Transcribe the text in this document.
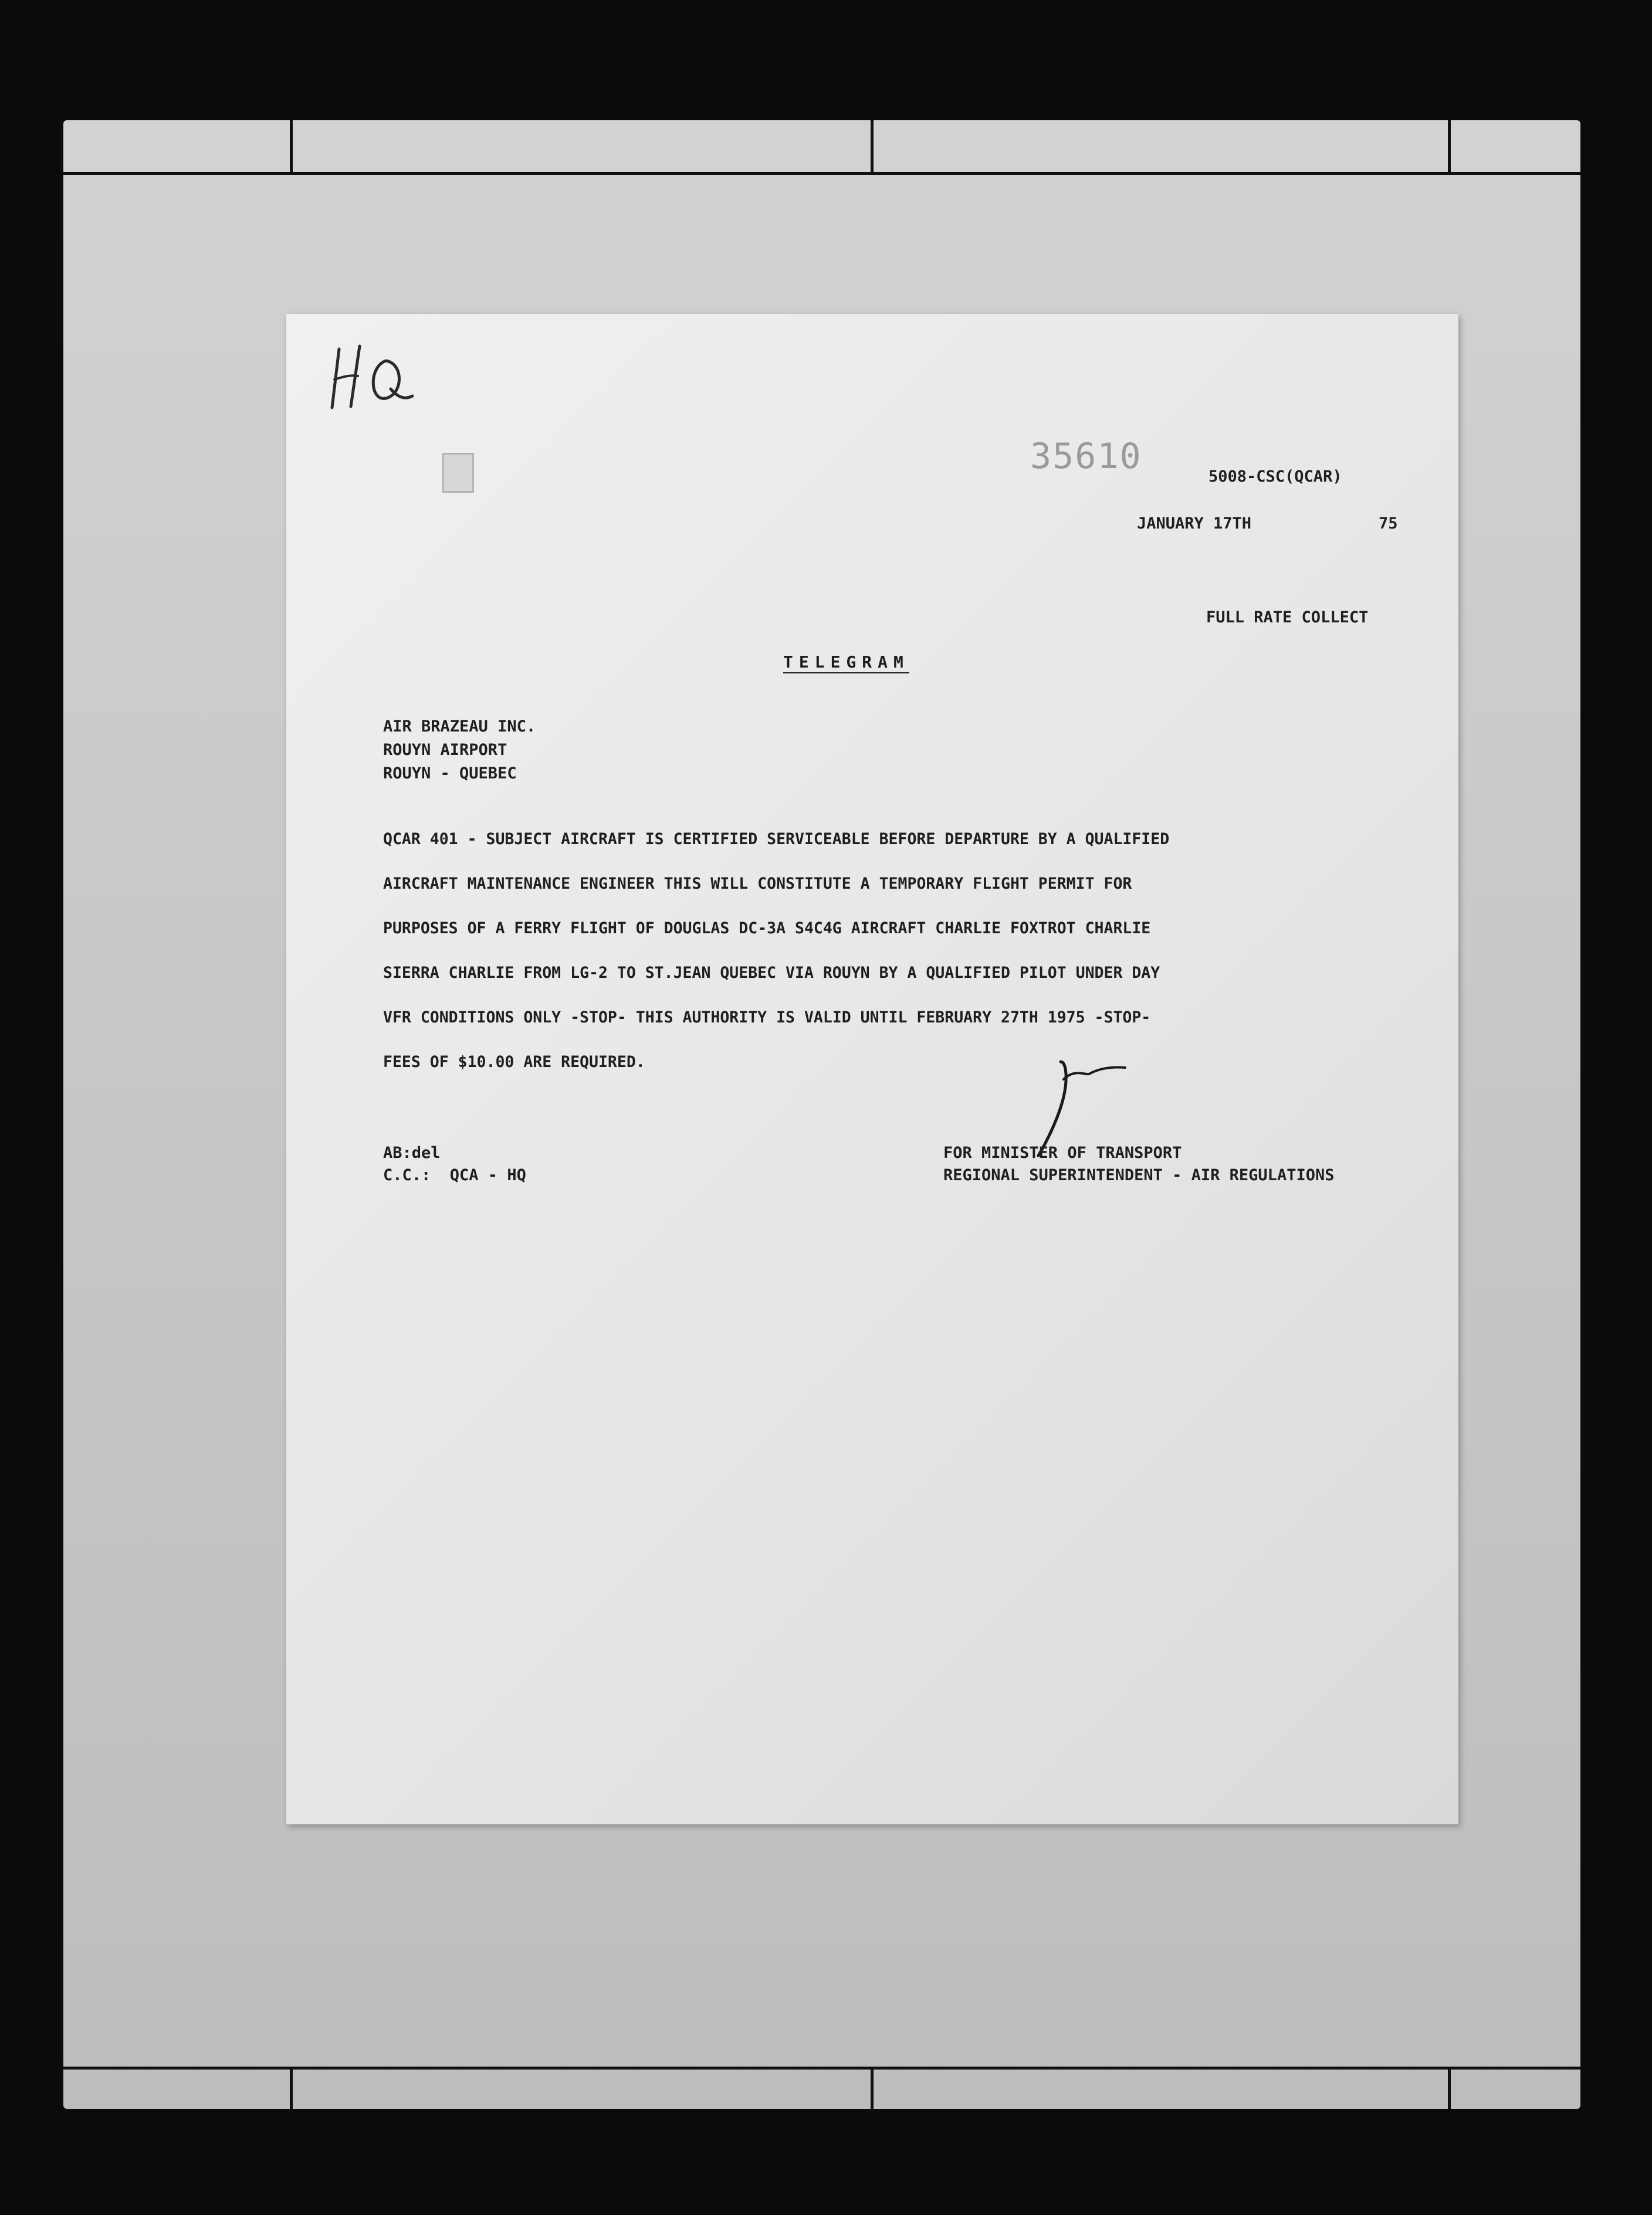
35610	5008-CSC(QCAR)

JANUARY 17TH	75

FULL RATE COLLECT

TELEGRAM

AIR BRAZEAU INC.

ROUYN AIRPORT

ROUYN - QUEBEC

QCAR 401 - SUBJECT AIRCRAFT IS CERTIFIED SERVICEABLE BEFORE DEPARTURE BY A QUALIFIED

AIRCRAFT MAINTENANCE ENGINEER THIS WILL CONSTITUTE A TEMPORARY FLIGHT PERMIT FOR

PURPOSES OF A FERRY FLIGHT OF DOUGLAS DC-3A S4C4G AIRCRAFT CHARLIE FOXTROT CHARLIE

SIERRA CHARLIE FROM LG-2 TO ST.JEAN QUEBEC VIA ROUYN BY A QUALIFIED PILOT UNDER DAY

VFR CONDITIONS ONLY -STOP- THIS AUTHORITY IS VALID UNTIL FEBRUARY 27TH 1975 -STOP-

FEES OF $10.00 ARE REQUIRED.

AB:del

C.C.:  QCA - HQ

FOR MINISTER OF TRANSPORT

REGIONAL SUPERINTENDENT - AIR REGULATIONS
